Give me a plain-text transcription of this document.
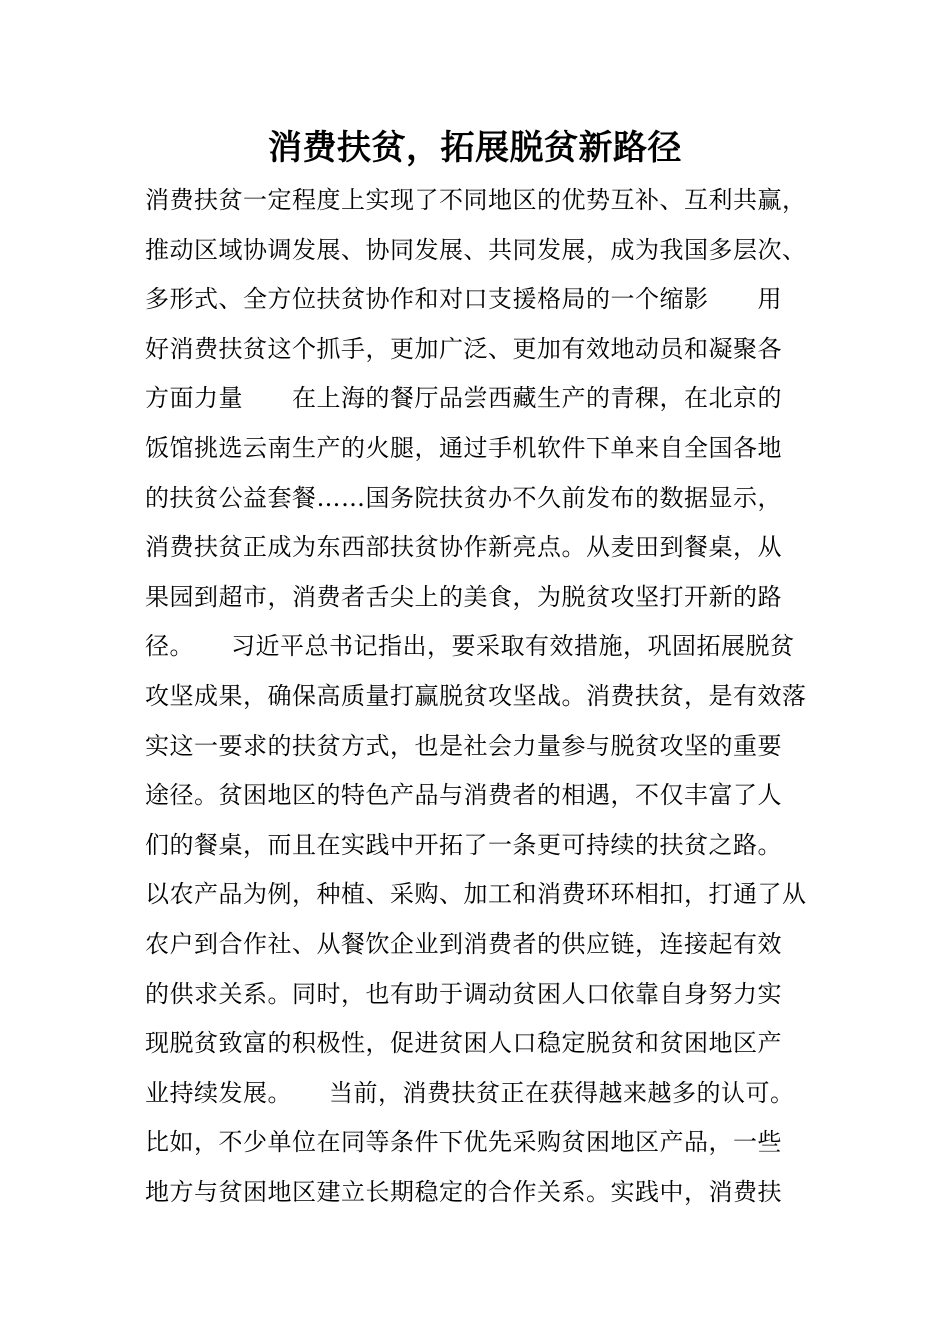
消费扶贫，拓展脱贫新路径
消费扶贫一定程度上实现了不同地区的优势互补、互利共赢，
推动区域协调发展、协同发展、共同发展，成为我国多层次、
多形式、全方位扶贫协作和对口支援格局的一个缩影　　用
好消费扶贫这个抓手，更加广泛、更加有效地动员和凝聚各
方面力量　　在上海的餐厅品尝西藏生产的青稞，在北京的
饭馆挑选云南生产的火腿，通过手机软件下单来自全国各地
的扶贫公益套餐……国务院扶贫办不久前发布的数据显示，
消费扶贫正成为东西部扶贫协作新亮点。从麦田到餐桌，从
果园到超市，消费者舌尖上的美食，为脱贫攻坚打开新的路
径。　　习近平总书记指出，要采取有效措施，巩固拓展脱贫
攻坚成果，确保高质量打赢脱贫攻坚战。消费扶贫，是有效落
实这一要求的扶贫方式，也是社会力量参与脱贫攻坚的重要
途径。贫困地区的特色产品与消费者的相遇，不仅丰富了人
们的餐桌，而且在实践中开拓了一条更可持续的扶贫之路。
以农产品为例，种植、采购、加工和消费环环相扣，打通了从
农户到合作社、从餐饮企业到消费者的供应链，连接起有效
的供求关系。同时，也有助于调动贫困人口依靠自身努力实
现脱贫致富的积极性，促进贫困人口稳定脱贫和贫困地区产
业持续发展。　　当前，消费扶贫正在获得越来越多的认可。
比如，不少单位在同等条件下优先采购贫困地区产品，一些
地方与贫困地区建立长期稳定的合作关系。实践中，消费扶
